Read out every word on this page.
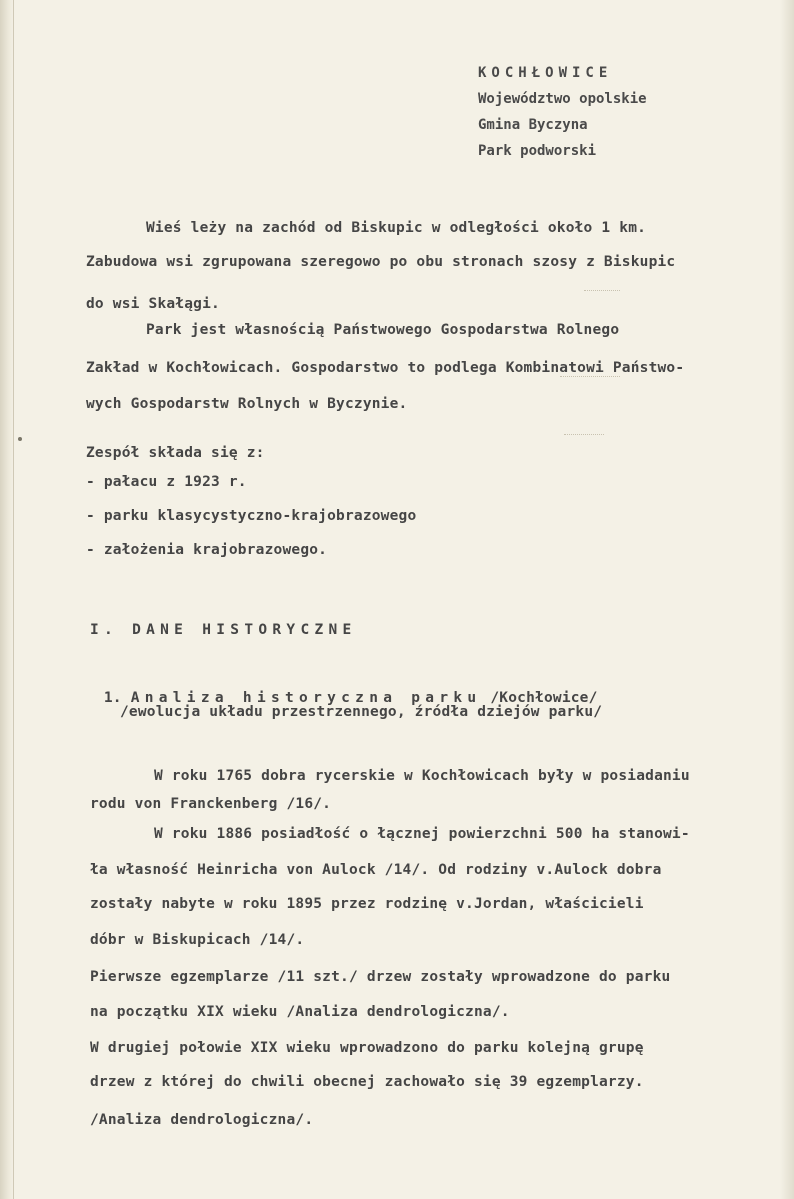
KOCHŁOWICE
Województwo opolskie
Gmina Byczyna
Park podworski
Wieś leży na zachód od Biskupic w odległości około 1 km.
Zabudowa wsi zgrupowana szeregowo po obu stronach szosy z Biskupic
do wsi Skałągi.
Park jest własnością Państwowego Gospodarstwa Rolnego
Zakład w Kochłowicach. Gospodarstwo to podlega Kombinatowi Państwo-
wych Gospodarstw Rolnych w Byczynie.
Zespół składa się z:
- pałacu z 1923 r.
- parku klasycystyczno-krajobrazowego
- założenia krajobrazowego.
I. DANE HISTORYCZNE

1. Analiza historyczna parku /Kochłowice/

/ewolucja układu przestrzennego, źródła dziejów parku/
W roku 1765 dobra rycerskie w Kochłowicach były w posiadaniu
rodu von Franckenberg /16/.
W roku 1886 posiadłość o łącznej powierzchni 500 ha stanowi-
ła własność Heinricha von Aulock /14/. Od rodziny v.Aulock dobra
zostały nabyte w roku 1895 przez rodzinę v.Jordan, właścicieli
dóbr w Biskupicach /14/.
Pierwsze egzemplarze /11 szt./ drzew zostały wprowadzone do parku
na początku XIX wieku /Analiza dendrologiczna/.
W drugiej połowie XIX wieku wprowadzono do parku kolejną grupę
drzew z której do chwili obecnej zachowało się 39 egzemplarzy.
/Analiza dendrologiczna/.
